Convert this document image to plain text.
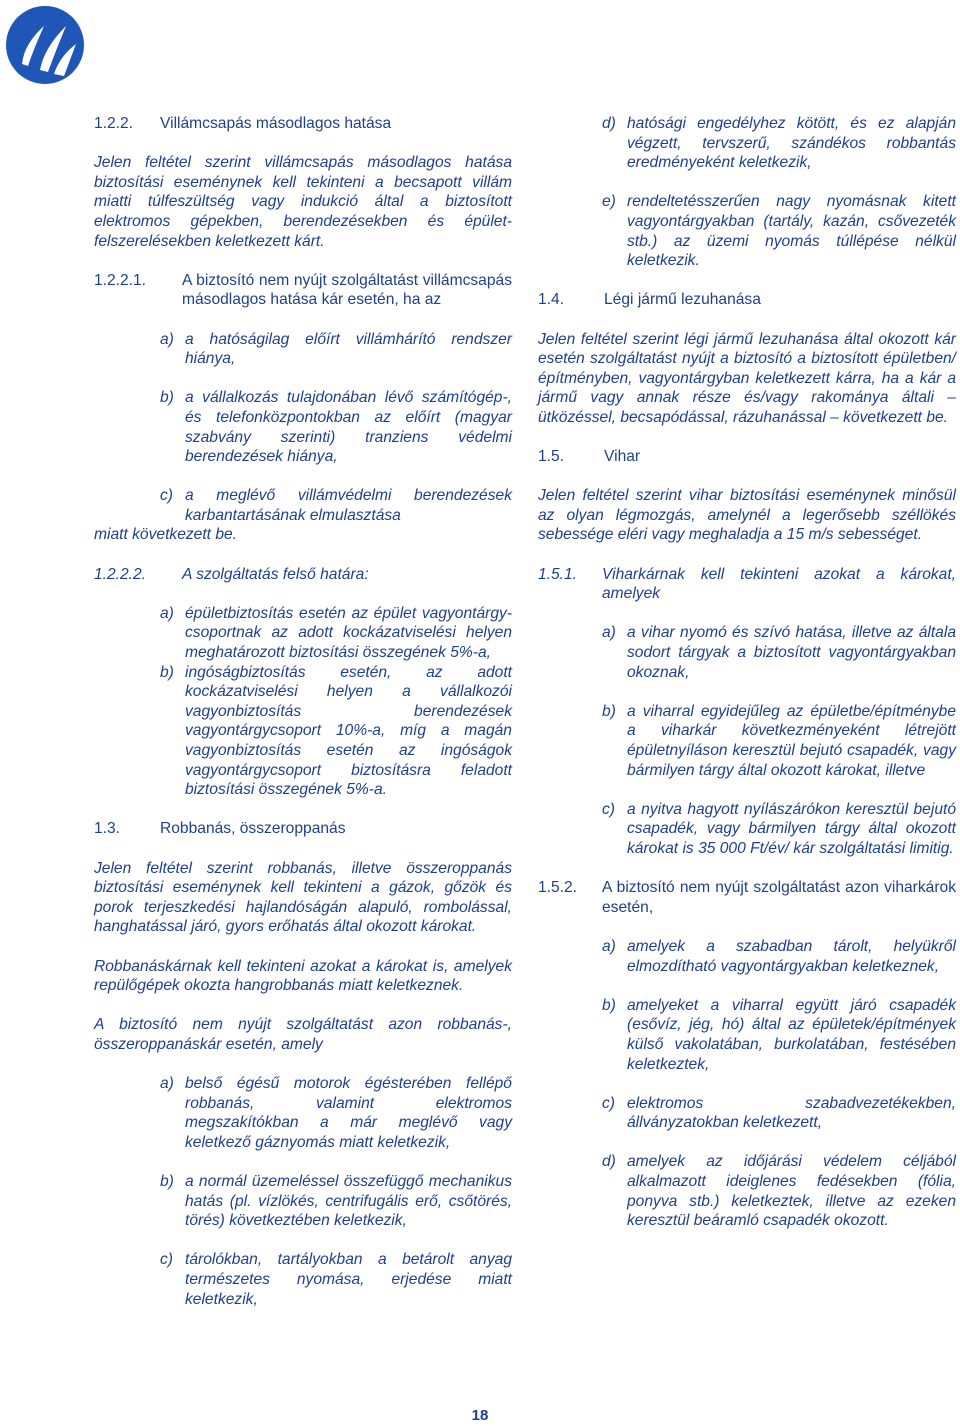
1.2.2. Villámcsapás másodlagos hatása

Jelen feltétel szerint villámcsapás másodlagos hatása biztosítási eseménynek kell tekinteni a becsapott villám miatti túlfeszültség vagy indukció által a biztosított elektromos gépekben, berendezésekben és épület-felszerelésekben keletkezett kárt.

1.2.2.1. A biztosító nem nyújt szolgáltatást villámcsapás másodlagos hatása kár esetén, ha az

a) a hatóságilag előírt villámhárító rendszer hiánya,
b) a vállalkozás tulajdonában lévő számítógép-, és telefonközpontokban az előírt (magyar szabvány szerinti) tranziens védelmi berendezések hiánya,
c) a meglévő villámvédelmi berendezések karbantartásának elmulasztása

miatt következett be.

1.2.2.2. A szolgáltatás felső határa:

a) épületbiztosítás esetén az épület vagyontárgy-csoportnak az adott kockázatviselési helyen meghatározott biztosítási összegének 5%-a,
b) ingóságbiztosítás esetén, az adott kockázatviselési helyen a vállalkozói vagyonbiztosítás berendezések vagyontárgycsoport 10%-a, míg a magán vagyonbiztosítás esetén az ingóságok vagyontárgycsoport biztosításra feladott biztosítási összegének 5%-a.
1.3.	Robbanás, összeroppanás

Jelen feltétel szerint robbanás, illetve összeroppanás biztosítási eseménynek kell tekinteni a gázok, gőzök és porok terjeszkedési hajlandóságán alapuló, rombolással, hanghatással járó, gyors erőhatás által okozott károkat.

Robbanáskárnak kell tekinteni azokat a károkat is, amelyek repülőgépek okozta hangrobbanás miatt keletkeznek.

A biztosító nem nyújt szolgáltatást azon robbanás-, összeroppanáskár esetén, amely

a) belső égésű motorok égésterében fellépő robbanás, valamint elektromos megszakítókban a már meglévő vagy keletkező gáznyomás miatt keletkezik,
b) a normál üzemeléssel összefüggő mechanikus hatás (pl. vízlökés, centrifugális erő, csőtörés, törés) következtében keletkezik,
c) tárolókban, tartályokban a betárolt anyag természetes nyomása, erjedése miatt keletkezik,
d) hatósági engedélyhez kötött, és ez alapján végzett, tervszerű, szándékos robbantás eredményeként keletkezik,
e) rendeltetésszerűen nagy nyomásnak kitett vagyontárgyakban (tartály, kazán, csővezeték stb.) az üzemi nyomás túllépése nélkül keletkezik.
1.4.	Légi jármű lezuhanása

Jelen feltétel szerint légi jármű lezuhanása által okozott kár esetén szolgáltatást nyújt a biztosító a biztosított épületben/építményben, vagyontárgyban keletkezett kárra, ha a kár a jármű vagy annak része és/vagy rakománya általi – ütközéssel, becsapódással, rázuhanással – következett be.

1.5.	Vihar

Jelen feltétel szerint vihar biztosítási eseménynek minősül az olyan légmozgás, amelynél a legerősebb széllökés sebessége eléri vagy meghaladja a 15 m/s sebességet.

1.5.1. Viharkárnak kell tekinteni azokat a károkat, amelyek

a) a vihar nyomó és szívó hatása, illetve az általa sodort tárgyak a biztosított vagyontárgyakban okoznak,
b) a viharral egyidejűleg az épületbe/építménybe a viharkár következményeként létrejött épületnyíláson keresztül bejutó csapadék, vagy bármilyen tárgy által okozott károkat, illetve
c) a nyitva hagyott nyílászárókon keresztül bejutó csapadék, vagy bármilyen tárgy által okozott károkat is 35 000 Ft/év/ kár szolgáltatási limitig.

1.5.2. A biztosító nem nyújt szolgáltatást azon viharkárok esetén,

a) amelyek a szabadban tárolt, helyükről elmozdítható vagyontárgyakban keletkeznek,
b) amelyeket a viharral együtt járó csapadék (esővíz, jég, hó) által az épületek/építmények külső vakolatában, burkolatában, festésében keletkeztek,
c) elektromos szabadvezetékekben, állványzatokban keletkezett,
d) amelyek az időjárási védelem céljából alkalmazott ideiglenes fedésekben (fólia, ponyva stb.) keletkeztek, illetve az ezeken keresztül beáramló csapadék okozott.
18
